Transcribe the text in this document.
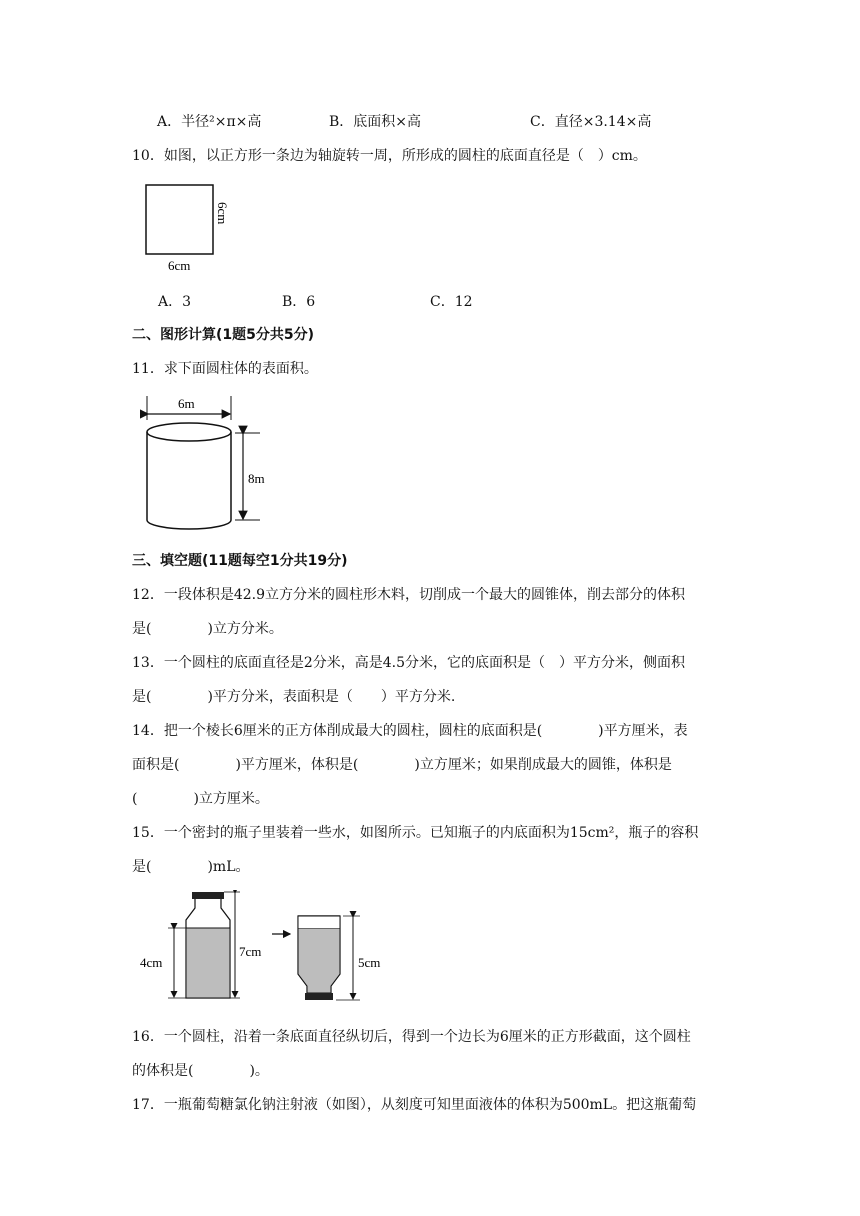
A．半径²×π×高	B．底面积×高	C．直径×3.14×高
10．如图，以正方形一条边为轴旋转一周，所形成的圆柱的底面直径是（　）cm。
6cm
6cm
A．3	B．6	C．12
二、图形计算(1题5分共5分)
11．求下面圆柱体的表面积。
6m
8m
三、填空题(11题每空1分共19分)
12．一段体积是42.9立方分米的圆柱形木料，切削成一个最大的圆锥体，削去部分的体积
是(　　　　)立方分米。
13．一个圆柱的底面直径是2分米，高是4.5分米，它的底面积是（　）平方分米，侧面积
是(　　　　)平方分米，表面积是（　　）平方分米.
14．把一个棱长6厘米的正方体削成最大的圆柱，圆柱的底面积是(　　　　)平方厘米，表
面积是(　　　　)平方厘米，体积是(　　　　)立方厘米；如果削成最大的圆锥，体积是
(　　　　)立方厘米。
15．一个密封的瓶子里装着一些水，如图所示。已知瓶子的内底面积为15cm²，瓶子的容积
是(　　　　)mL。
4cm
7cm
5cm
16．一个圆柱，沿着一条底面直径纵切后，得到一个边长为6厘米的正方形截面，这个圆柱
的体积是(　　　　)。
17．一瓶葡萄糖氯化钠注射液（如图），从刻度可知里面液体的体积为500mL。把这瓶葡萄
